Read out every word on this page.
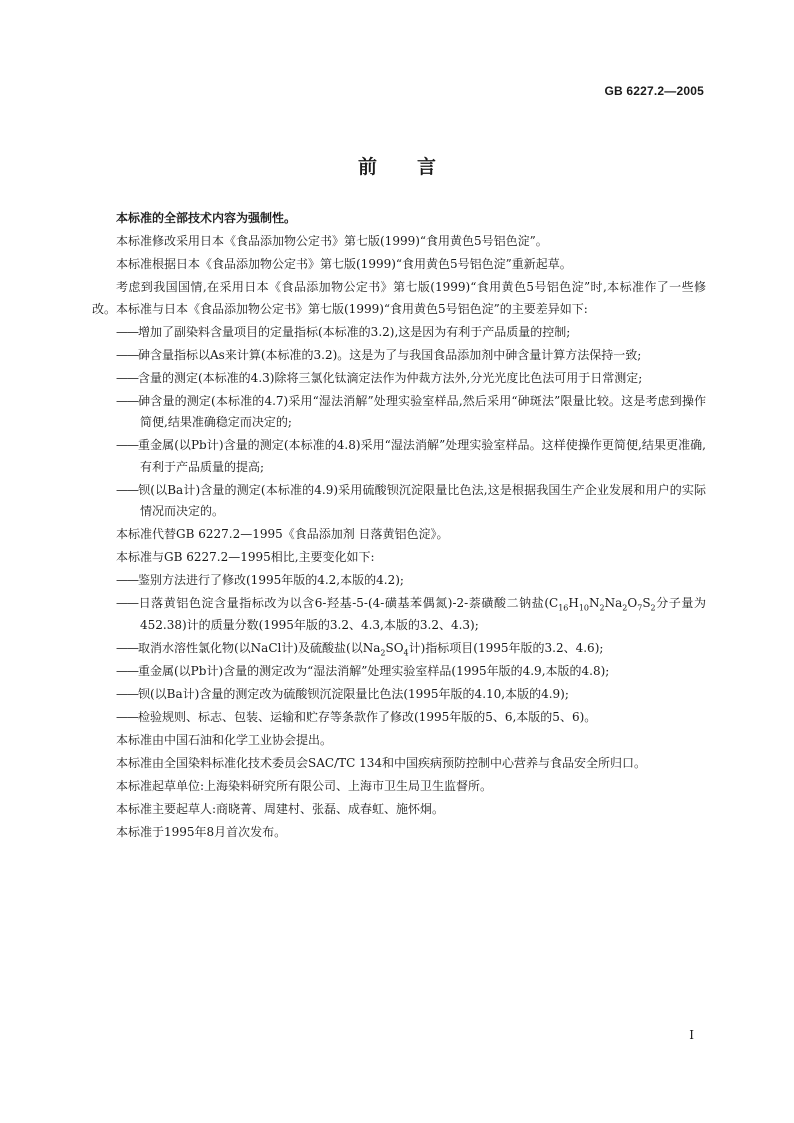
GB 6227.2—2005
前言

本标准的全部技术内容为强制性。

本标准修改采用日本《食品添加物公定书》第七版(1999)“食用黄色5号铝色淀”。

本标准根据日本《食品添加物公定书》第七版(1999)“食用黄色5号铝色淀”重新起草。

考虑到我国国情,在采用日本《食品添加物公定书》第七版(1999)“食用黄色5号铝色淀”时,本标准作了一些修改。本标准与日本《食品添加物公定书》第七版(1999)“食用黄色5号铝色淀”的主要差异如下:

——增加了副染料含量项目的定量指标(本标准的3.2),这是因为有利于产品质量的控制;

——砷含量指标以As来计算(本标准的3.2)。这是为了与我国食品添加剂中砷含量计算方法保持一致;

——含量的测定(本标准的4.3)除将三氯化钛滴定法作为仲裁方法外,分光光度比色法可用于日常测定;

——砷含量的测定(本标准的4.7)采用“湿法消解”处理实验室样品,然后采用“砷斑法”限量比较。这是考虑到操作简便,结果准确稳定而决定的;

——重金属(以Pb计)含量的测定(本标准的4.8)采用“湿法消解”处理实验室样品。这样使操作更简便,结果更准确,有利于产品质量的提高;

——钡(以Ba计)含量的测定(本标准的4.9)采用硫酸钡沉淀限量比色法,这是根据我国生产企业发展和用户的实际情况而决定的。

本标准代替GB 6227.2—1995《食品添加剂 日落黄铝色淀》。

本标准与GB 6227.2—1995相比,主要变化如下:

——鉴别方法进行了修改(1995年版的4.2,本版的4.2);

——日落黄铝色淀含量指标改为以含6-羟基-5-(4-磺基苯偶氮)-2-萘磺酸二钠盐($C_{16}H_{10}N_2Na_2O_7S_2$分子量为452.38)计的质量分数(1995年版的3.2、4.3,本版的3.2、4.3);

——取消水溶性氯化物(以NaCl计)及硫酸盐(以$Na_2SO_4$计)指标项目(1995年版的3.2、4.6);

——重金属(以Pb计)含量的测定改为“湿法消解”处理实验室样品(1995年版的4.9,本版的4.8);

——钡(以Ba计)含量的测定改为硫酸钡沉淀限量比色法(1995年版的4.10,本版的4.9);

——检验规则、标志、包装、运输和贮存等条款作了修改(1995年版的5、6,本版的5、6)。

本标准由中国石油和化学工业协会提出。

本标准由全国染料标准化技术委员会SAC/TC 134和中国疾病预防控制中心营养与食品安全所归口。

本标准起草单位:上海染料研究所有限公司、上海市卫生局卫生监督所。

本标准主要起草人:商晓菁、周建村、张磊、成春虹、施怀炯。

本标准于1995年8月首次发布。

I
